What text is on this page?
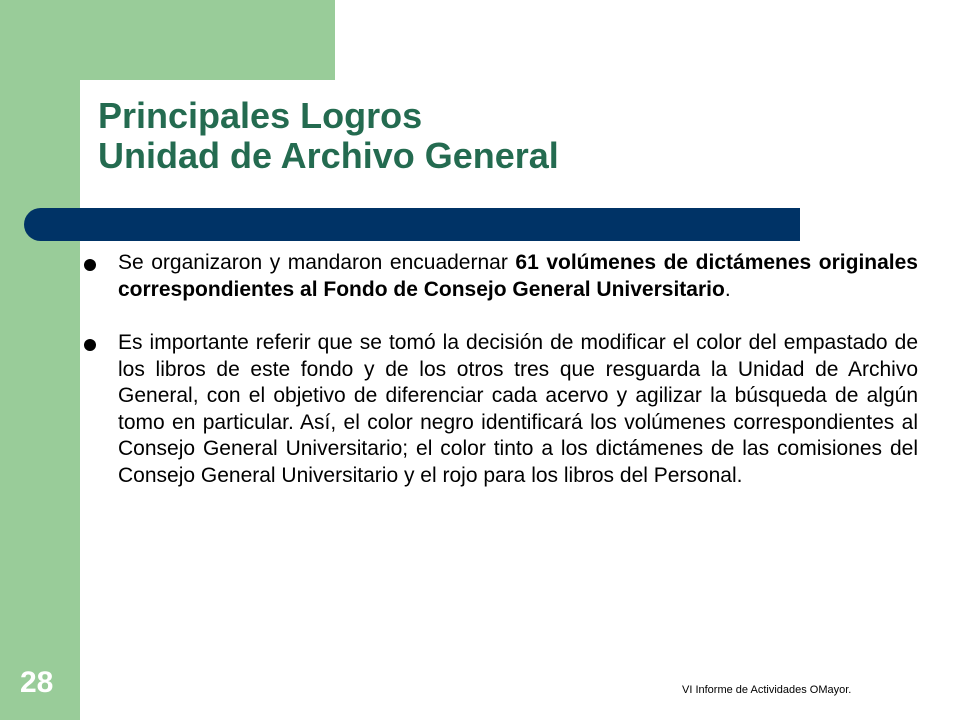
Principales Logros
Unidad de Archivo General
Se organizaron y mandaron encuadernar 61 volúmenes de dictámenes originales correspondientes al Fondo de Consejo General Universitario.
Es importante referir que se tomó la decisión de modificar el color del empastado de los libros de este fondo y de los otros tres que resguarda la Unidad de Archivo General, con el objetivo de diferenciar cada acervo y agilizar la búsqueda de algún tomo en particular. Así, el color negro identificará los volúmenes correspondientes al Consejo General Universitario; el color tinto a los dictámenes de las comisiones del Consejo General Universitario y el rojo para los libros del Personal.
28	VI Informe de Actividades OMayor.
